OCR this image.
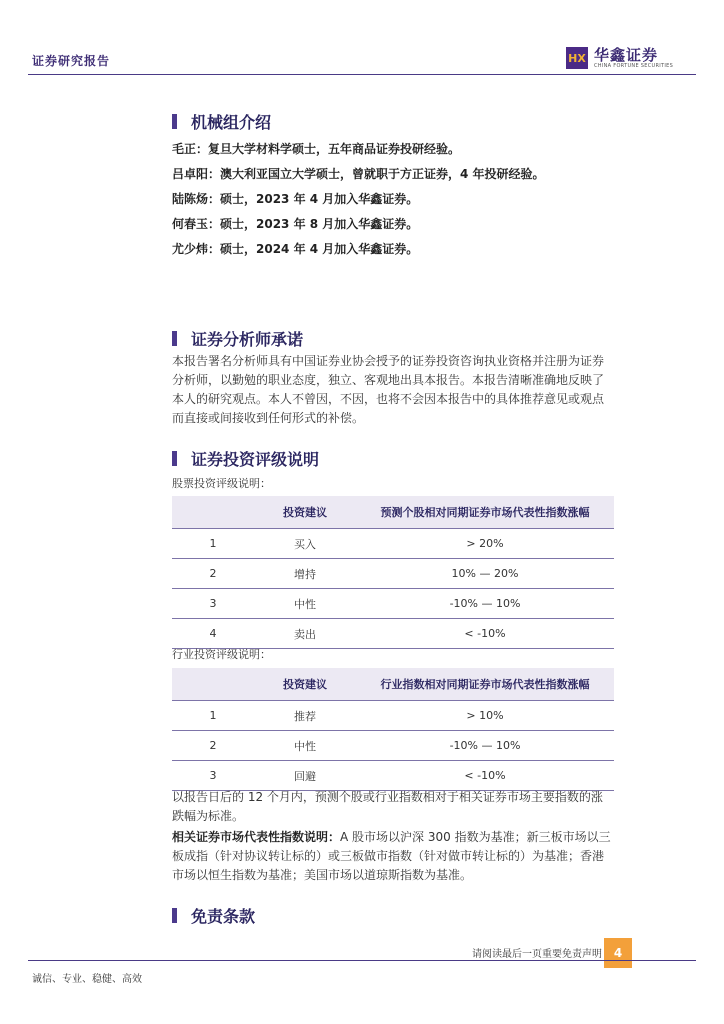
证券研究报告	HX 华鑫证券
CHINA FORTUNE SECURITIES
机械组介绍
毛正：复旦大学材料学硕士，五年商品证券投研经验。
吕卓阳：澳大利亚国立大学硕士，曾就职于方正证券，4 年投研经验。
陆陈炀：硕士，2023 年 4 月加入华鑫证券。
何春玉：硕士，2023 年 8 月加入华鑫证券。
尤少炜：硕士，2024 年 4 月加入华鑫证券。
证券分析师承诺
本报告署名分析师具有中国证券业协会授予的证券投资咨询执业资格并注册为证券分析师，以勤勉的职业态度，独立、客观地出具本报告。本报告清晰准确地反映了本人的研究观点。本人不曾因，不因，也将不会因本报告中的具体推荐意见或观点而直接或间接收到任何形式的补偿。
证券投资评级说明
股票投资评级说明：
	投资建议	预测个股相对同期证券市场代表性指数涨幅
1	买入	> 20%
2	增持	10% — 20%
3	中性	-10% — 10%
4	卖出	< -10%
行业投资评级说明：
	投资建议	行业指数相对同期证券市场代表性指数涨幅
1	推荐	> 10%
2	中性	-10% — 10%
3	回避	< -10%
以报告日后的 12 个月内，预测个股或行业指数相对于相关证券市场主要指数的涨跌幅为标准。
相关证券市场代表性指数说明：A 股市场以沪深 300 指数为基准；新三板市场以三板成指（针对协议转让标的）或三板做市指数（针对做市转让标的）为基准；香港市场以恒生指数为基准；美国市场以道琼斯指数为基准。
免责条款
请阅读最后一页重要免责声明 4
诚信、专业、稳健、高效
